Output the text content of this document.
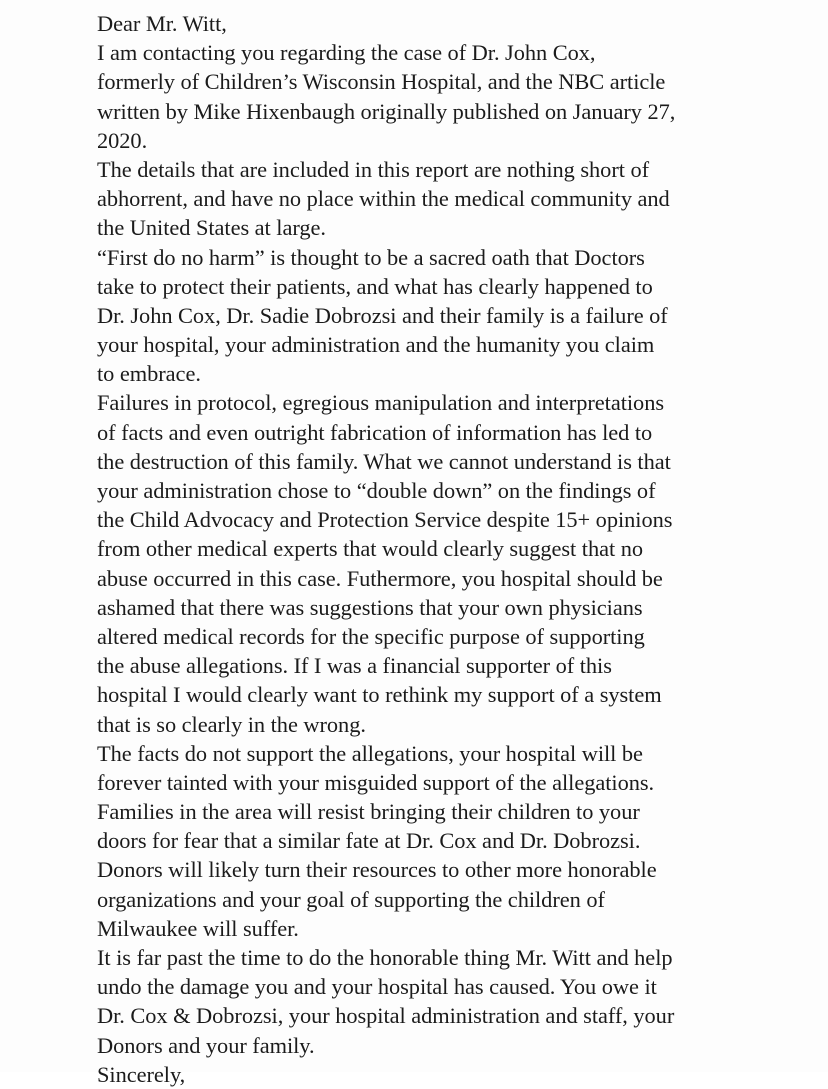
Dear Mr. Witt,
I am contacting you regarding the case of Dr. John Cox,
formerly of Children’s Wisconsin Hospital, and the NBC article
written by Mike Hixenbaugh originally published on January 27,
2020.
The details that are included in this report are nothing short of
abhorrent, and have no place within the medical community and
the United States at large.
“First do no harm” is thought to be a sacred oath that Doctors
take to protect their patients, and what has clearly happened to
Dr. John Cox, Dr. Sadie Dobrozsi and their family is a failure of
your hospital, your administration and the humanity you claim
to embrace.
Failures in protocol, egregious manipulation and interpretations
of facts and even outright fabrication of information has led to
the destruction of this family. What we cannot understand is that
your administration chose to “double down” on the findings of
the Child Advocacy and Protection Service despite 15+ opinions
from other medical experts that would clearly suggest that no
abuse occurred in this case. Futhermore, you hospital should be
ashamed that there was suggestions that your own physicians
altered medical records for the specific purpose of supporting
the abuse allegations. If I was a financial supporter of this
hospital I would clearly want to rethink my support of a system
that is so clearly in the wrong.
The facts do not support the allegations, your hospital will be
forever tainted with your misguided support of the allegations.
Families in the area will resist bringing their children to your
doors for fear that a similar fate at Dr. Cox and Dr. Dobrozsi.
Donors will likely turn their resources to other more honorable
organizations and your goal of supporting the children of
Milwaukee will suffer.
It is far past the time to do the honorable thing Mr. Witt and help
undo the damage you and your hospital has caused. You owe it
Dr. Cox & Dobrozsi, your hospital administration and staff, your
Donors and your family.
Sincerely,
